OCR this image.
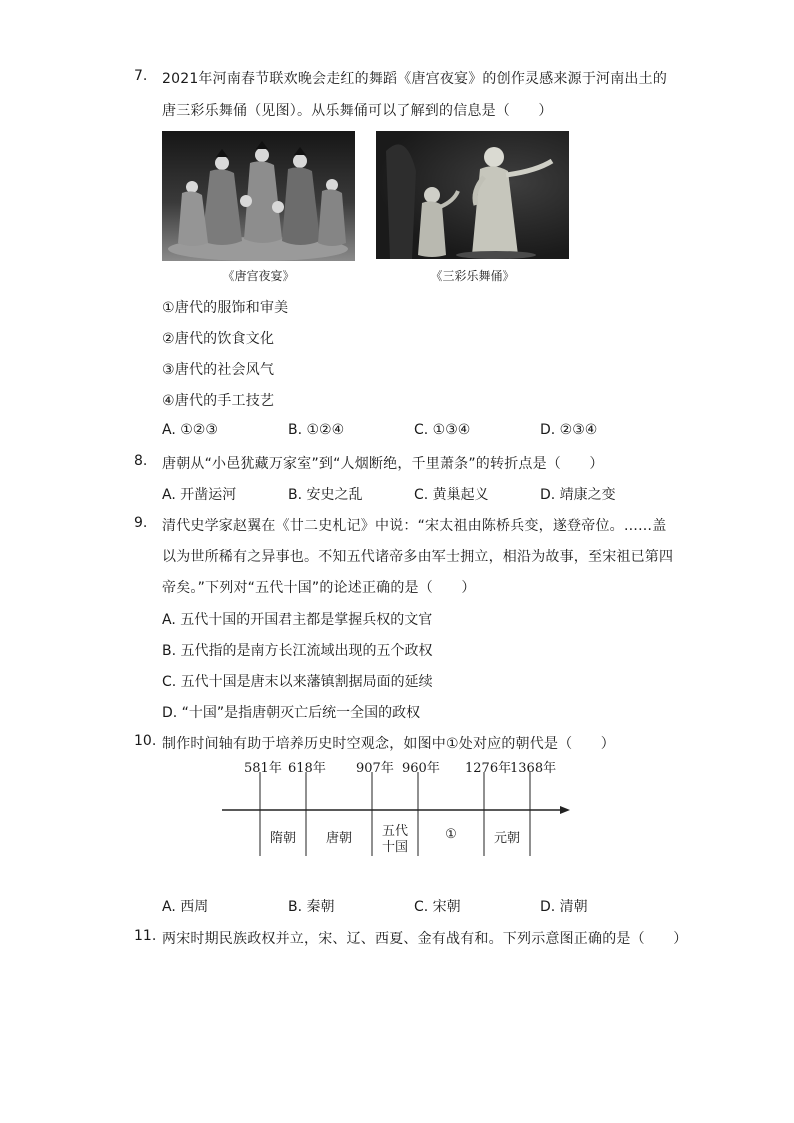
7. 2021年河南春节联欢晚会走红的舞蹈《唐宫夜宴》的创作灵感来源于河南出土的
唐三彩乐舞俑（见图）。从乐舞俑可以了解到的信息是（　　）
《唐宫夜宴》	《三彩乐舞俑》
①唐代的服饰和审美
②唐代的饮食文化
③唐代的社会风气
④唐代的手工技艺
A. ①②③	B. ①②④	C. ①③④	D. ②③④
8. 唐朝从“小邑犹藏万家室”到“人烟断绝，千里萧条”的转折点是（　　）
A. 开凿运河	B. 安史之乱	C. 黄巢起义	D. 靖康之变
9. 清代史学家赵翼在《廿二史札记》中说：“宋太祖由陈桥兵变，遂登帝位。……盖
以为世所稀有之异事也。不知五代诸帝多由军士拥立，相沿为故事，至宋祖已第四
帝矣。”下列对“五代十国”的论述正确的是（　　）
A. 五代十国的开国君主都是掌握兵权的文官
B. 五代指的是南方长江流域出现的五个政权
C. 五代十国是唐末以来藩镇割据局面的延续
D. “十国”是指唐朝灭亡后统一全国的政权
10. 制作时间轴有助于培养历史时空观念，如图中①处对应的朝代是（　　）
581年 618年 907年 960年 1276年
1368年
隋朝	唐朝	五代
十国
①	元朝
A. 西周	B. 秦朝	C. 宋朝	D. 清朝
11. 两宋时期民族政权并立，宋、辽、西夏、金有战有和。下列示意图正确的是（　　）
